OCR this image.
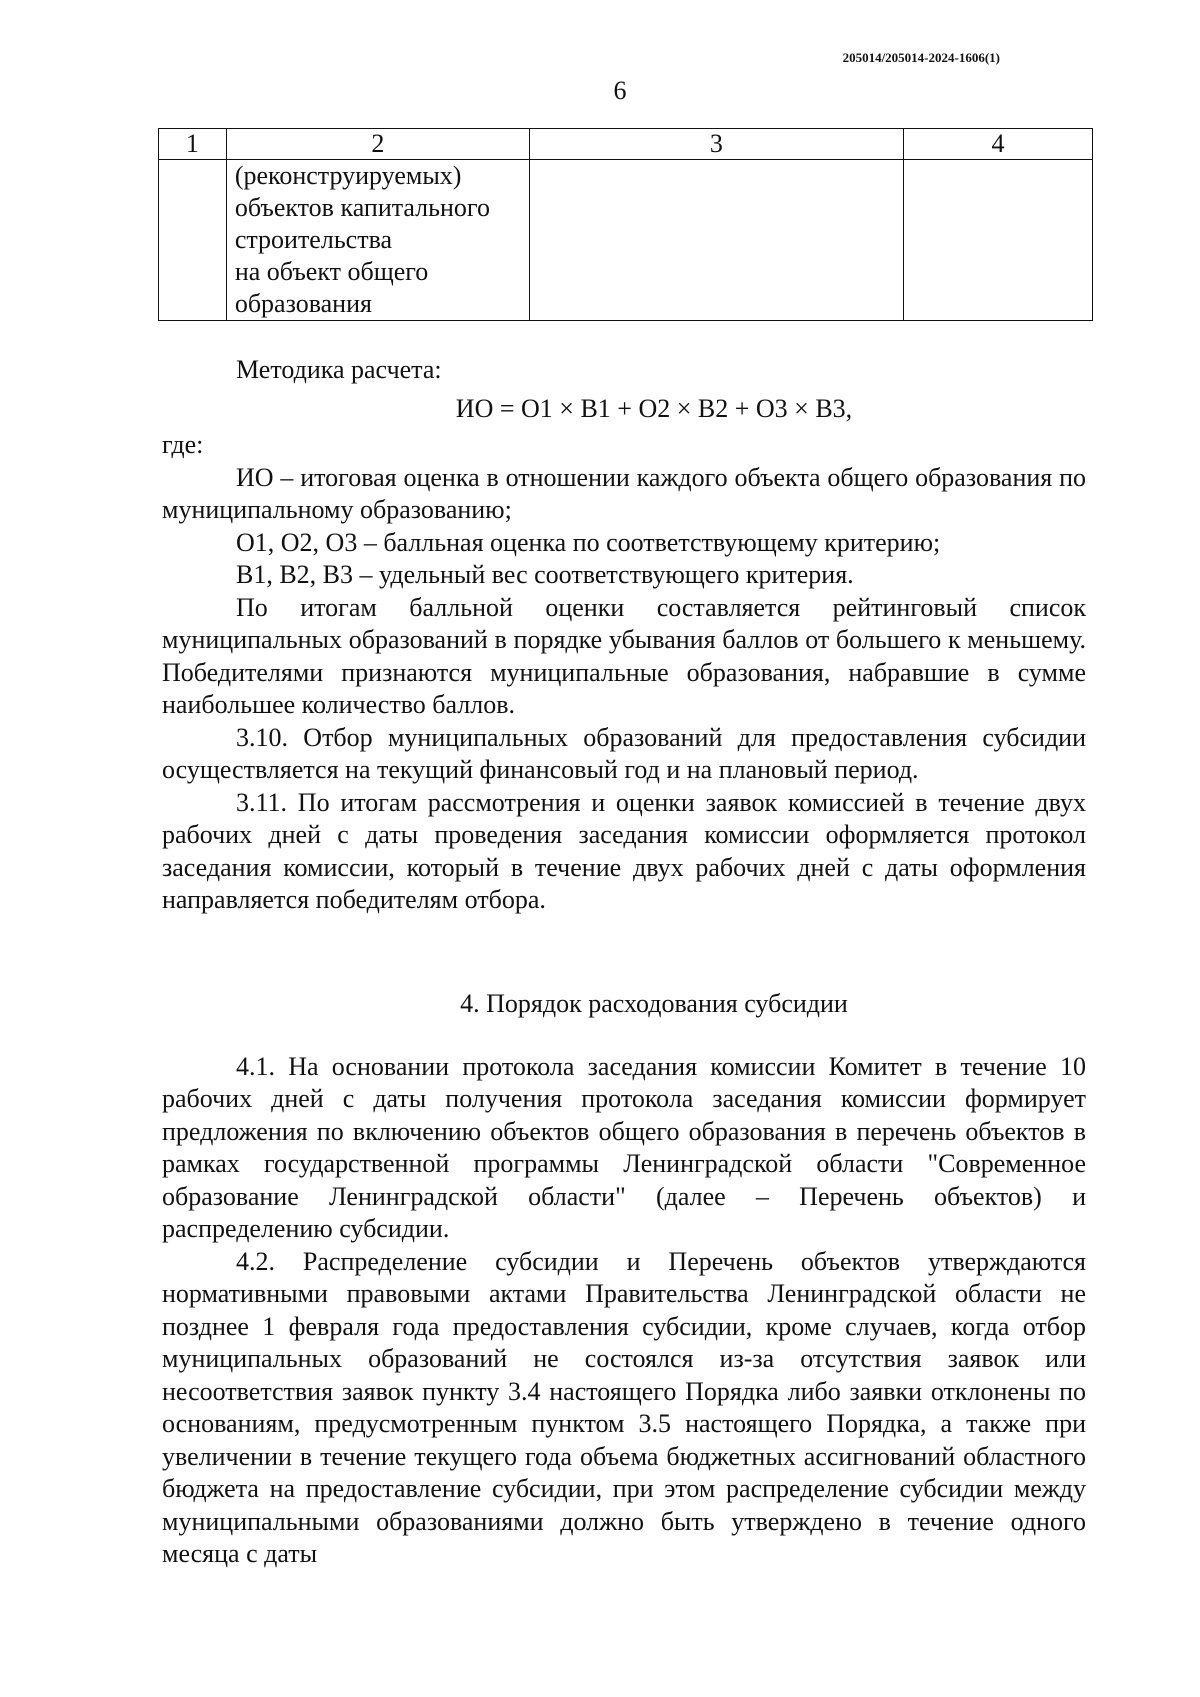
205014/205014-2024-1606(1)
6
1	2	3	4
	(реконструируемых)
объектов капитального
строительства
на объект общего
образования		

Методика расчета:

ИО = О1 × В1 + О2 × В2 + О3 × В3,

где:

ИО – итоговая оценка в отношении каждого объекта общего образования по муниципальному образованию;

О1, О2, О3 – балльная оценка по соответствующему критерию;

В1, В2, В3 – удельный вес соответствующего критерия.

По итогам балльной оценки составляется рейтинговый список муниципальных образований в порядке убывания баллов от большего к меньшему. Победителями признаются муниципальные образования, набравшие в сумме наибольшее количество баллов.

3.10. Отбор муниципальных образований для предоставления субсидии осуществляется на текущий финансовый год и на плановый период.

3.11. По итогам рассмотрения и оценки заявок комиссией в течение двух рабочих дней с даты проведения заседания комиссии оформляется протокол заседания комиссии, который в течение двух рабочих дней с даты оформления направляется победителям отбора.

4. Порядок расходования субсидии

4.1. На основании протокола заседания комиссии Комитет в течение 10 рабочих дней с даты получения протокола заседания комиссии формирует предложения по включению объектов общего образования в перечень объектов в рамках государственной программы Ленинградской области "Современное образование Ленинградской области" (далее – Перечень объектов) и распределению субсидии.

4.2. Распределение субсидии и Перечень объектов утверждаются нормативными правовыми актами Правительства Ленинградской области не позднее 1 февраля года предоставления субсидии, кроме случаев, когда отбор муниципальных образований не состоялся из-за отсутствия заявок или несоответствия заявок пункту 3.4 настоящего Порядка либо заявки отклонены по основаниям, предусмотренным пунктом 3.5 настоящего Порядка, а также при увеличении в течение текущего года объема бюджетных ассигнований областного бюджета на предоставление субсидии, при этом распределение субсидии между муниципальными образованиями должно быть утверждено в течение одного месяца с даты
